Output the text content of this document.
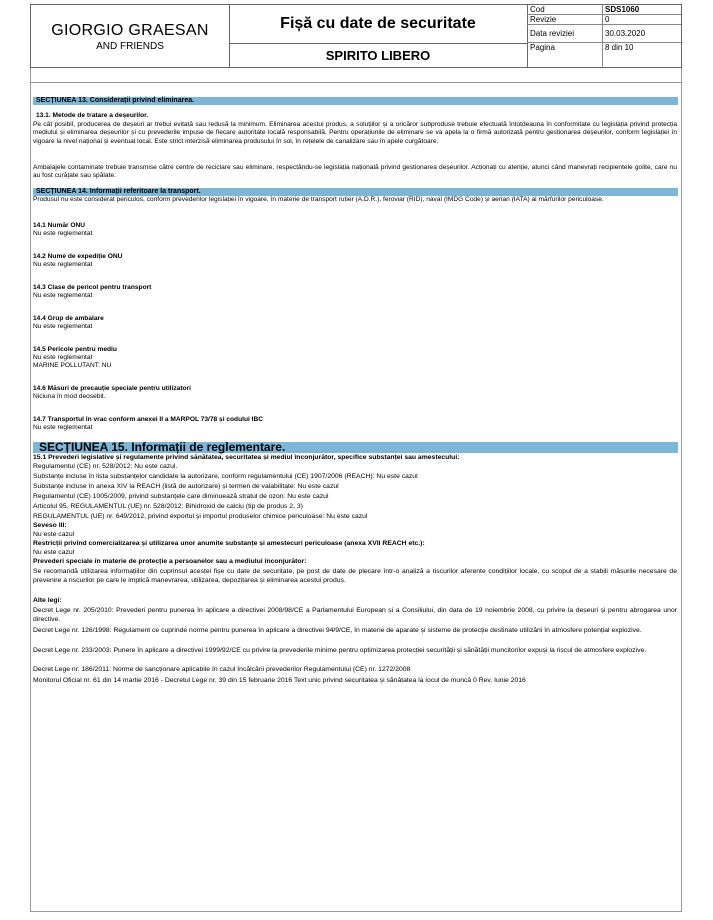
GIORGIO GRAESAN
AND FRIENDS
Fișă cu date de securitate
SPIRITO LIBERO
Cod	SDS1060
Revizie	0
Data reviziei	30.03.2020
Pagina	8 din 10
SECȚIUNEA 13. Considerații privind eliminarea.
13.1. Metode de tratare a deșeurilor.
Pe cât posibil, producerea de deșeuri ar trebui evitată sau redusă la minimum. Eliminarea acestui produs, a soluțiilor și a oricăror subproduse trebuie efectuată întotdeauna în conformitate cu legislația privind protecția mediului și eliminarea deșeurilor și cu prevederile impuse de fiecare autoritate locală responsabilă. Pentru operațiunile de eliminare se va apela la o firmă autorizată pentru gestionarea deșeurilor, conform legislației în vigoare la nivel național și eventual local. Este strict interzisă eliminarea produsului în sol, în rețelele de canalizare sau în apele curgătoare.
Ambalajele contaminate trebuie transmise către centre de reciclare sau eliminare, respectându-se legislația națională privind gestionarea deșeurilor. Acționați cu atenție, atunci când manevrați recipientele golite, care nu au fost curățate sau spălate.
SECȚIUNEA 14. Informații referitoare la transport.
Produsul nu este considerat periculos, conform prevederilor legislației în vigoare, în materie de transport rutier (A.D.R.), feroviar (RID), naval (IMDG Code) și aerian (IATA) al mărfurilor periculoase.
14.1 Număr ONU
Nu este reglementat
14.2 Nume de expediție ONU
Nu este reglementat
14.3 Clase de pericol pentru transport
Nu este reglementat
14.4 Grup de ambalare
Nu este reglementat
14.5 Pericole pentru mediu
Nu este reglementat
MARINE POLLUTANT: NU
14.6 Măsuri de precauție speciale pentru utilizatori
Niciuna în mod deosebit.
14.7 Transportul în vrac conform anexei II a MARPOL 73/78 și codului IBC
Nu este reglementat
SECȚIUNEA 15. Informații de reglementare.
15.1 Prevederi legislative și regulamente privind sănătatea, securitatea și mediul înconjurător, specifice substanței sau amestecului:
Regulamentul (CE) nr. 528/2012: Nu este cazul.
Substanțe incluse în lista substanțelor candidate la autorizare, conform regulamentului (CE) 1907/2006 (REACH): Nu este cazul
Substanțe incluse în anexa XIV la REACH (listă de autorizare) și termen de valabilitate: Nu este cazul
Regulamentul (CE) 1005/2009, privind substanțele care diminuează stratul de ozon: Nu este cazul
Articolul 95, REGULAMENTUL (UE) nr. 528/2012: Bihidroxid de calciu (tip de produs 2, 3)
REGULAMENTUL (UE) nr. 649/2012, privind exportul și importul produselor chimice periculoase: Nu este cazul
Seveso III:
Nu este cazul
Restricții privind comercializarea și utilizarea unor anumite substanțe și amestecuri periculoase (anexa XVII REACH etc.):
Nu este cazul
Prevederi speciale în materie de protecție a persoanelor sau a mediului înconjurător:
Se recomandă utilizarea informațiilor din cuprinsul acestei fișe cu date de securitate, pe post de date de plecare într-o analiză a riscurilor aferente condițiilor locale, cu scopul de a stabili măsurile necesare de prevenire a riscurilor pe care le implică manevrarea, utilizarea, depozitarea și eliminarea acestui produs.
Alte legi:
Decret Lege nr. 205/2010: Prevederi pentru punerea în aplicare a directivei 2008/98/CE a Parlamentului European și a Consiliului, din data de 19 noiembrie 2008, cu privire la deșeuri și pentru abrogarea unor directive.
Decret Lege nr. 126/1998: Regulament ce cuprinde norme pentru punerea în aplicare a directivei 94/9/CE, în materie de aparate și sisteme de protecție destinate utilizării în atmosfere potențial explozive.
Decret Lege nr. 233/2003: Punere în aplicare a directivei 1999/92/CE cu privire la prevederile minime pentru optimizarea protecției securității și sănătății muncitorilor expuși la riscul de atmosfere explozive.
Decret Lege nr. 186/2011: Norme de sancționare aplicabile în cazul încălcării prevederilor Regulamentului (CE) nr. 1272/2008
Monitorul Oficial nr. 61 din 14 martie 2016 - Decretul Lege nr. 39 din 15 februarie 2016 Text unic privind securitatea și sănătatea la locul de muncă 0 Rev. Iunie 2016
